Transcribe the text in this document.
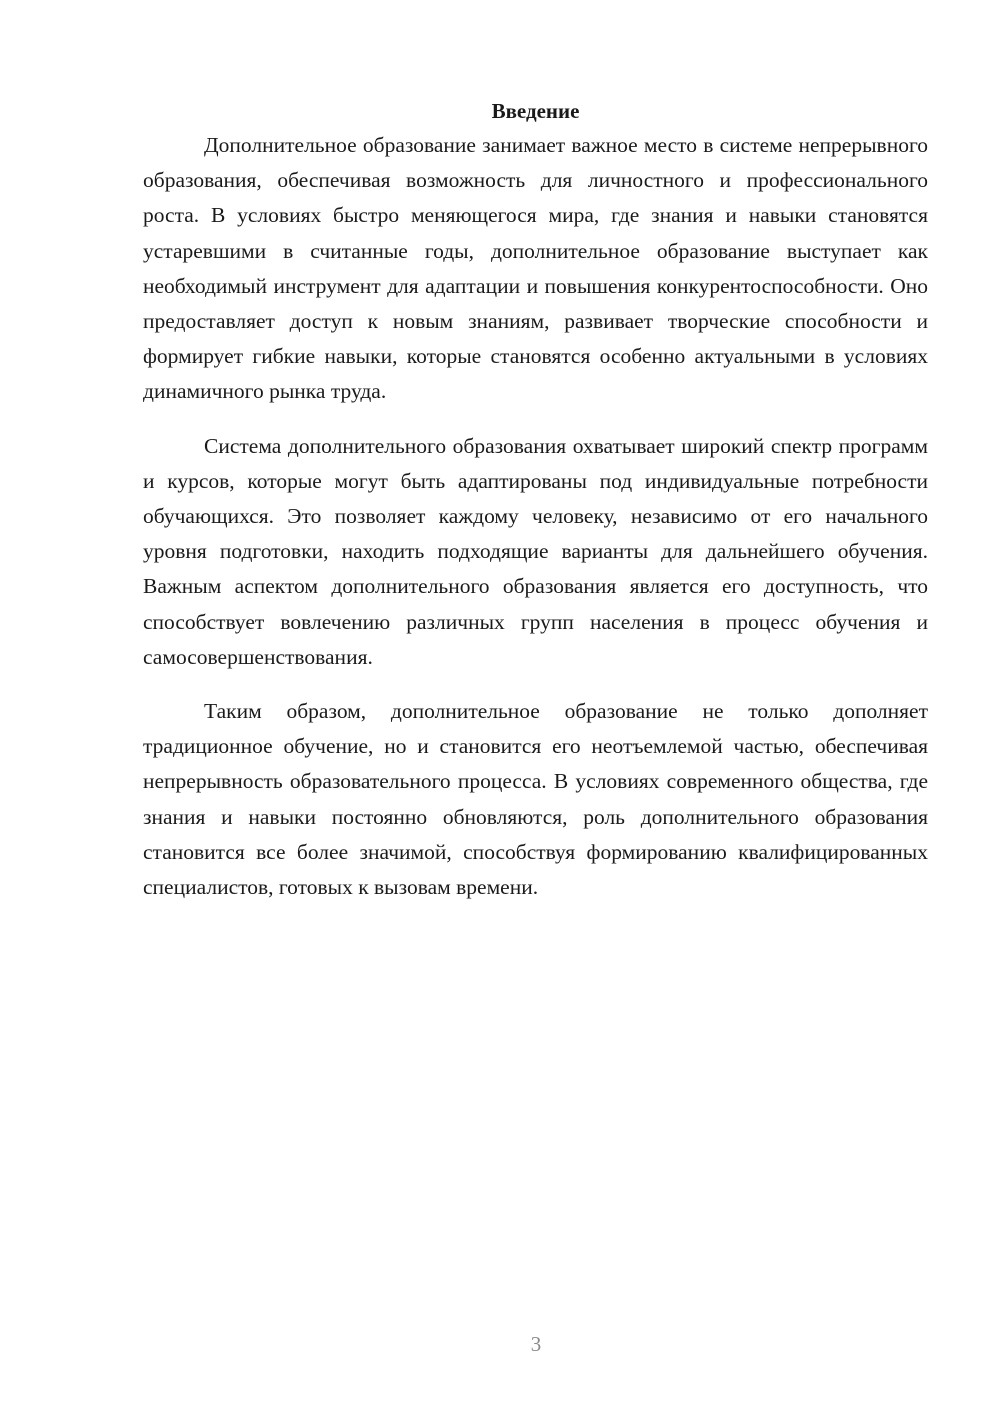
Введение

Дополнительное образование занимает важное место в системе непрерывного образования, обеспечивая возможность для личностного и профессионального роста. В условиях быстро меняющегося мира, где знания и навыки становятся устаревшими в считанные годы, дополнительное образование выступает как необходимый инструмент для адаптации и повышения конкурентоспособности. Оно предоставляет доступ к новым знаниям, развивает творческие способности и формирует гибкие навыки, которые становятся особенно актуальными в условиях динамичного рынка труда.

Система дополнительного образования охватывает широкий спектр программ и курсов, которые могут быть адаптированы под индивидуальные потребности обучающихся. Это позволяет каждому человеку, независимо от его начального уровня подготовки, находить подходящие варианты для дальнейшего обучения. Важным аспектом дополнительного образования является его доступность, что способствует вовлечению различных групп населения в процесс обучения и самосовершенствования.

Таким образом, дополнительное образование не только дополняет традиционное обучение, но и становится его неотъемлемой частью, обеспечивая непрерывность образовательного процесса. В условиях современного общества, где знания и навыки постоянно обновляются, роль дополнительного образования становится все более значимой, способствуя формированию квалифицированных специалистов, готовых к вызовам времени.

3
